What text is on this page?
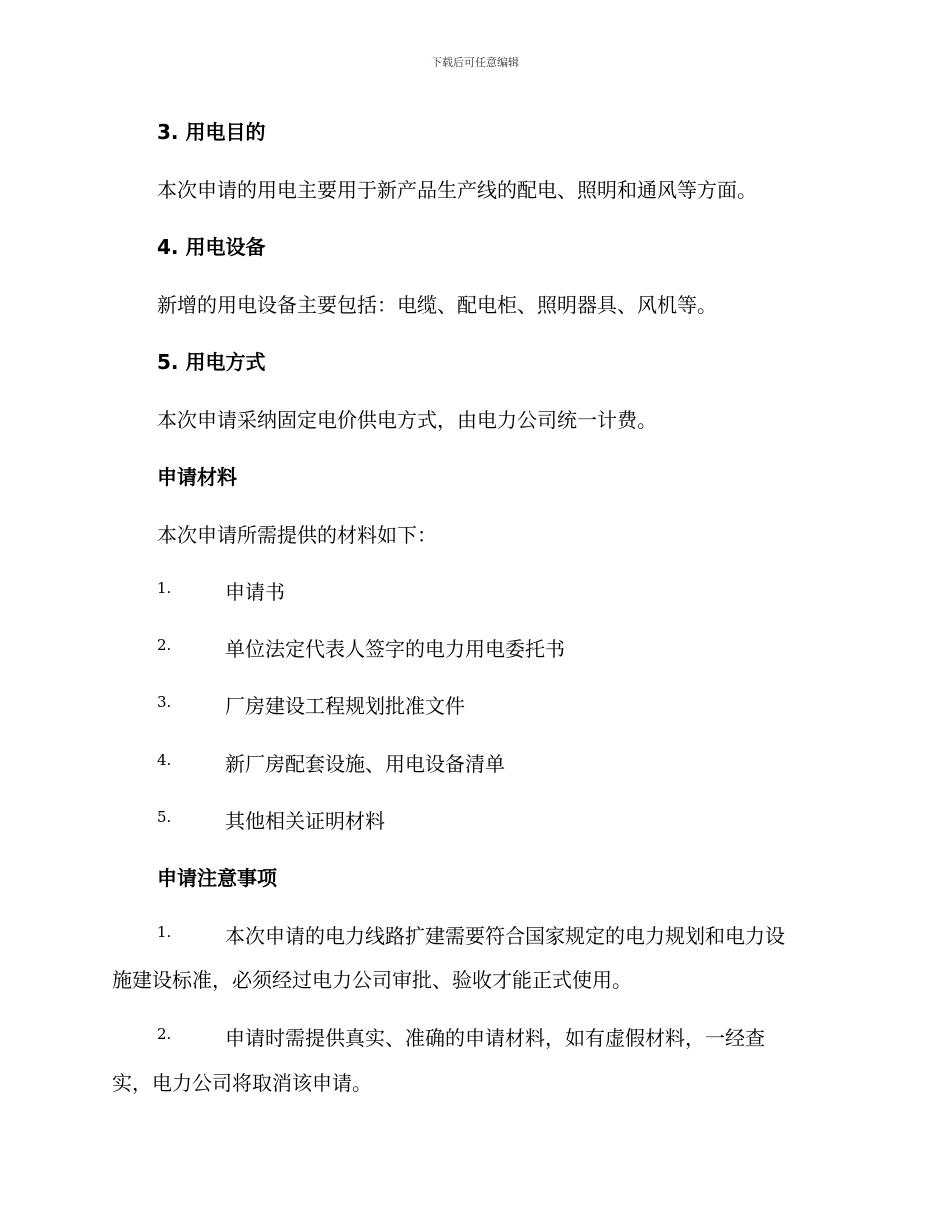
下载后可任意编辑
3. 用电目的
本次申请的用电主要用于新产品生产线的配电、照明和通风等方面。
4. 用电设备
新增的用电设备主要包括：电缆、配电柜、照明器具、风机等。
5. 用电方式
本次申请采纳固定电价供电方式，由电力公司统一计费。
申请材料
本次申请所需提供的材料如下：
1.	申请书
2.	单位法定代表人签字的电力用电委托书
3.	厂房建设工程规划批准文件
4.	新厂房配套设施、用电设备清单
5.	其他相关证明材料
申请注意事项
1.	本次申请的电力线路扩建需要符合国家规定的电力规划和电力设
施建设标准，必须经过电力公司审批、验收才能正式使用。
2.	申请时需提供真实、准确的申请材料，如有虚假材料，一经查
实，电力公司将取消该申请。
